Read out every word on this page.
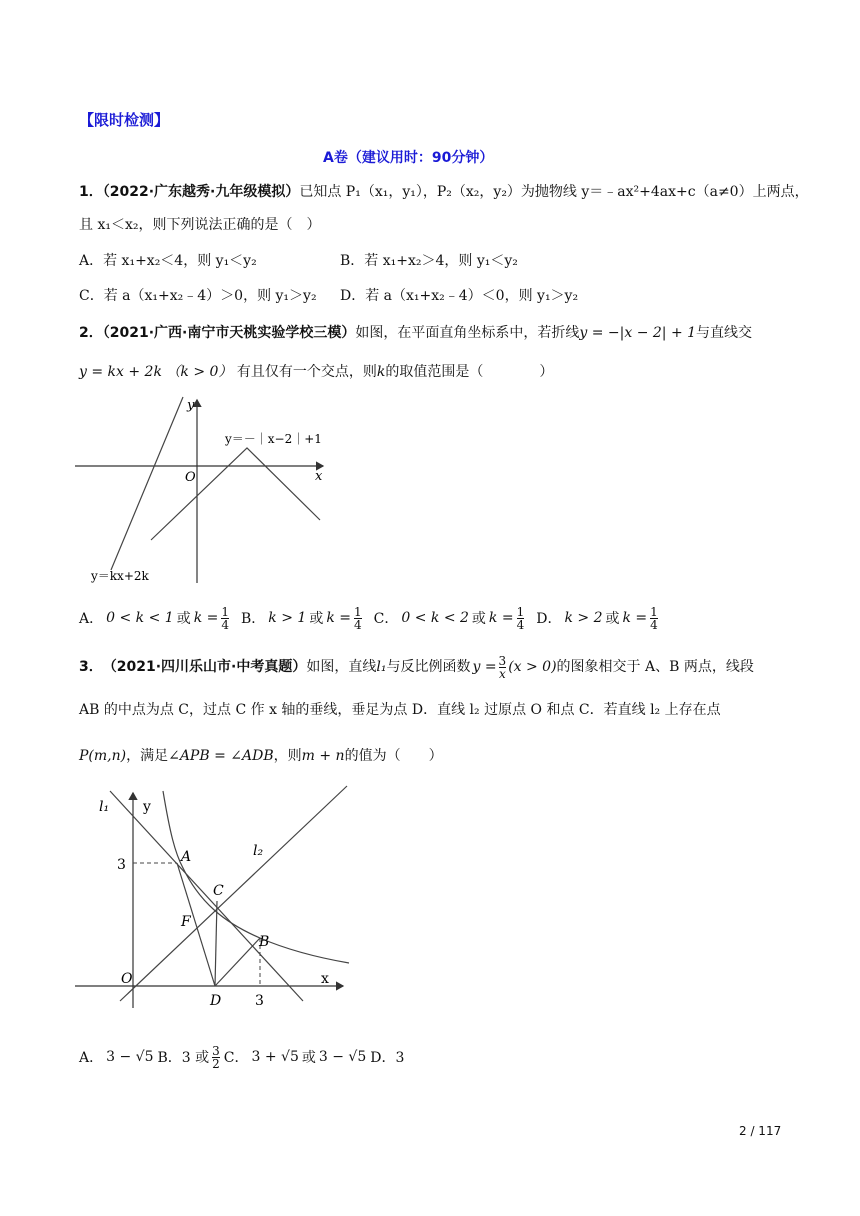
【限时检测】
A卷（建议用时：90分钟）
1．（2022·广东越秀·九年级模拟）已知点 P₁（x₁，y₁），P₂（x₂，y₂）为抛物线 y＝﹣ax²+4ax+c（a≠0）上两点，
且 x₁＜x₂，则下列说法正确的是（　）
A．若 x₁+x₂＜4，则 y₁＜y₂	B．若 x₁+x₂＞4，则 y₁＜y₂
C．若 a（x₁+x₂﹣4）＞0，则 y₁＞y₂ D．若 a（x₁+x₂﹣4）＜0，则 y₁＞y₂
2．（2021·广西·南宁市天桃实验学校三模）如图，在平面直角坐标系中，若折线y = −|x − 2| + 1与直线交
y = kx + 2k （k > 0） 有且仅有一个交点，则k的取值范围是（　　　　）
y
x
O
y＝－｜x−2｜+1
y＝kx+2k
A． 0 < k < 1 或 $k = \frac{1}{4}$ B． k > 1 或 $k = \frac{1}{4}$ C． 0 < k < 2 或 $k = \frac{1}{4}$ D． k > 2 或 $k = \frac{1}{4}$
3． （2021·四川乐山市·中考真题） 如图，直线 l₁ 与反比例函数 $y = \frac{3}{x} (x > 0)$ 的图象相交于 A、B 两点，线段
AB 的中点为点 C，过点 C 作 x 轴的垂线，垂足为点 D．直线 l₂ 过原点 O 和点 C．若直线 l₂ 上存在点
P(m,n)，满足∠APB = ∠ADB，则m + n的值为（　　）
l₁ y
l₂
3	A
C
F
B
O	x
D 3
A． 3 − √5 B．3 或 $\frac{3}{2}$ C． 3 + √5 或 3 − √5 D．3
2 / 117
